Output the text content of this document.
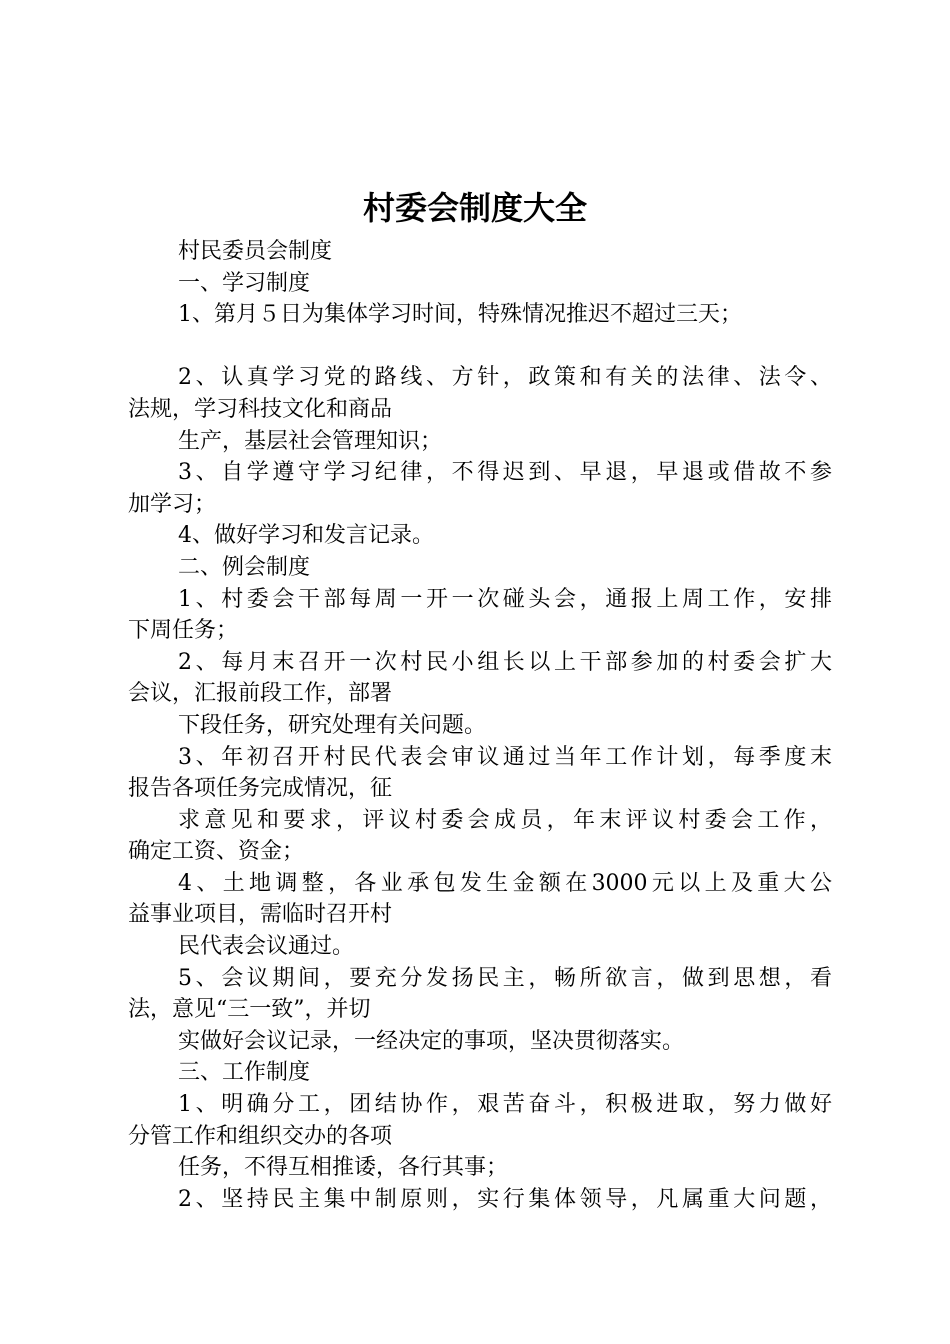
村委会制度大全
村民委员会制度
一、学习制度
1、第月５日为集体学习时间，特殊情况推迟不超过三天；
2、认真学习党的路线、方针，政策和有关的法律、法令、
法规，学习科技文化和商品
生产，基层社会管理知识；
3、自学遵守学习纪律，不得迟到、早退，早退或借故不参
加学习；
4、做好学习和发言记录。
二、例会制度
1、村委会干部每周一开一次碰头会，通报上周工作，安排
下周任务；
2、每月末召开一次村民小组长以上干部参加的村委会扩大
会议，汇报前段工作，部署
下段任务，研究处理有关问题。
3、年初召开村民代表会审议通过当年工作计划，每季度末
报告各项任务完成情况，征
求意见和要求，评议村委会成员，年末评议村委会工作，
确定工资、资金；
4、土地调整，各业承包发生金额在3000元以上及重大公
益事业项目，需临时召开村
民代表会议通过。
5、会议期间，要充分发扬民主，畅所欲言，做到思想，看
法，意见“三一致”，并切
实做好会议记录，一经决定的事项，坚决贯彻落实。
三、工作制度
1、明确分工，团结协作，艰苦奋斗，积极进取，努力做好
分管工作和组织交办的各项
任务，不得互相推诿，各行其事；
2、坚持民主集中制原则，实行集体领导，凡属重大问题，
